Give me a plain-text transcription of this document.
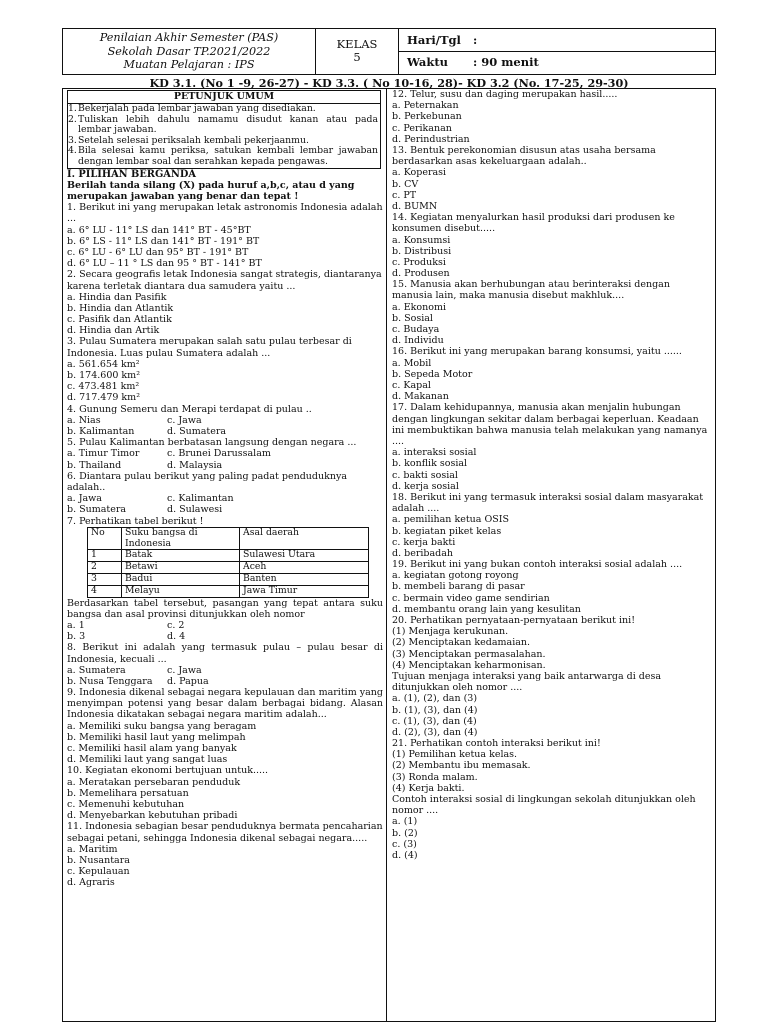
Penilaian Akhir Semester (PAS)
Sekolah Dasar TP.2021/2022
Muatan Pelajaran : IPS

KELAS
5

Hari/Tgl	:
Waktu	: 90 menit
KD 3.1. (No 1 -9, 26-27) - KD 3.3. ( No 10-16, 28)- KD 3.2 (No. 17-25, 29-30)
PETUNJUK UMUM
1. Bekerjalah pada lembar jawaban yang disediakan.
2. Tuliskan lebih dahulu namamu disudut kanan atau pada lembar jawaban.
3. Setelah selesai periksalah kembali pekerjaanmu.
4. Bila selesai kamu periksa, satukan kembali lembar jawaban dengan lembar soal dan serahkan kepada pengawas.
I. PILIHAN BERGANDA
Berilah tanda silang (X) pada huruf a,b,c, atau d yang merupakan jawaban yang benar dan tepat !
1. Berikut ini yang merupakan letak astronomis Indonesia adalah ...
a. 6° LU - 11° LS dan 141° BT - 45°BT
b. 6° LS - 11° LS dan 141° BT - 191° BT
c. 6° LU - 6° LU dan 95° BT - 191° BT
d. 6° LU – 11 ° LS dan 95 ° BT - 141° BT
2. Secara geografis letak Indonesia sangat strategis, diantaranya karena terletak diantara dua samudera yaitu ...
a. Hindia dan Pasifik
b. Hindia dan Atlantik
c. Pasifik dan Atlantik
d. Hindia dan Artik
3. Pulau Sumatera merupakan salah satu pulau terbesar di Indonesia. Luas pulau Sumatera adalah ...
a. 561.654 km²
b. 174.600 km²
c. 473.481 km²
d. 717.479 km²
4. Gunung Semeru dan Merapi terdapat di pulau ..
a. Nias	c. Jawa
b. Kalimantan	d. Sumatera
5. Pulau Kalimantan berbatasan langsung dengan negara ...
a. Timur Timor	c. Brunei Darussalam
b. Thailand	d. Malaysia
6. Diantara pulau berikut yang paling padat penduduknya adalah..
a. Jawa	c. Kalimantan
b. Sumatera	d. Sulawesi
7. Perhatikan tabel berikut !
No	Suku bangsa di Indonesia	Asal daerah
1	Batak	Sulawesi Utara
2	Betawi	Aceh
3	Badui	Banten
4	Melayu	Jawa Timur
Berdasarkan tabel tersebut, pasangan yang tepat antara suku bangsa dan asal provinsi ditunjukkan oleh nomor
a. 1	c. 2
b. 3	d. 4
8. Berikut ini adalah yang termasuk pulau – pulau besar di Indonesia, kecuali ...
a. Sumatera	c. Jawa
b. Nusa Tenggara	d. Papua
9. Indonesia dikenal sebagai negara kepulauan dan maritim yang menyimpan potensi yang besar dalam berbagai bidang. Alasan Indonesia dikatakan sebagai negara maritim adalah...
a. Memiliki suku bangsa yang beragam
b. Memiliki hasil laut yang melimpah
c. Memiliki hasil alam yang banyak
d. Memiliki laut yang sangat luas
10. Kegiatan ekonomi bertujuan untuk.....
a. Meratakan persebaran penduduk
b. Memelihara persatuan
c. Memenuhi kebutuhan
d. Menyebarkan kebutuhan pribadi
11. Indonesia sebagian besar penduduknya bermata pencaharian sebagai petani, sehingga Indonesia dikenal sebagai negara.....
a. Maritim
b. Nusantara
c. Kepulauan
d. Agraris
12. Telur, susu dan daging merupakan hasil.....
a. Peternakan
b. Perkebunan
c. Perikanan
d. Perindustrian
13. Bentuk perekonomian disusun atas usaha bersama berdasarkan asas kekeluargaan adalah..
a. Koperasi
b. CV
c. PT
d. BUMN
14. Kegiatan menyalurkan hasil produksi dari produsen ke konsumen disebut.....
a. Konsumsi
b. Distribusi
c. Produksi
d. Produsen
15. Manusia akan berhubungan atau berinteraksi dengan manusia lain, maka manusia disebut makhluk....
a. Ekonomi
b. Sosial
c. Budaya
d. Individu
16. Berikut ini yang merupakan barang konsumsi, yaitu ......
a. Mobil
b. Sepeda Motor
c. Kapal
d. Makanan
17. Dalam kehidupannya, manusia akan menjalin hubungan dengan lingkungan sekitar dalam berbagai keperluan. Keadaan ini membuktikan bahwa manusia telah melakukan yang namanya ....
a. interaksi sosial
b. konflik sosial
c. bakti sosial
d. kerja sosial
18. Berikut ini yang termasuk interaksi sosial dalam masyarakat adalah ....
a. pemilihan ketua OSIS
b. kegiatan piket kelas
c. kerja bakti
d. beribadah
19. Berikut ini yang bukan contoh interaksi sosial adalah ....
a. kegiatan gotong royong
b. membeli barang di pasar
c. bermain video game sendirian
d. membantu orang lain yang kesulitan
20. Perhatikan pernyataan-pernyataan berikut ini!
(1) Menjaga kerukunan.
(2) Menciptakan kedamaian.
(3) Menciptakan permasalahan.
(4) Menciptakan keharmonisan.
Tujuan menjaga interaksi yang baik antarwarga di desa ditunjukkan oleh nomor ....
a. (1), (2), dan (3)
b. (1), (3), dan (4)
c. (1), (3), dan (4)
d. (2), (3), dan (4)
21. Perhatikan contoh interaksi berikut ini!
(1) Pemilihan ketua kelas.
(2) Membantu ibu memasak.
(3) Ronda malam.
(4) Kerja bakti.
Contoh interaksi sosial di lingkungan sekolah ditunjukkan oleh nomor ....
a. (1)
b. (2)
c. (3)
d. (4)
